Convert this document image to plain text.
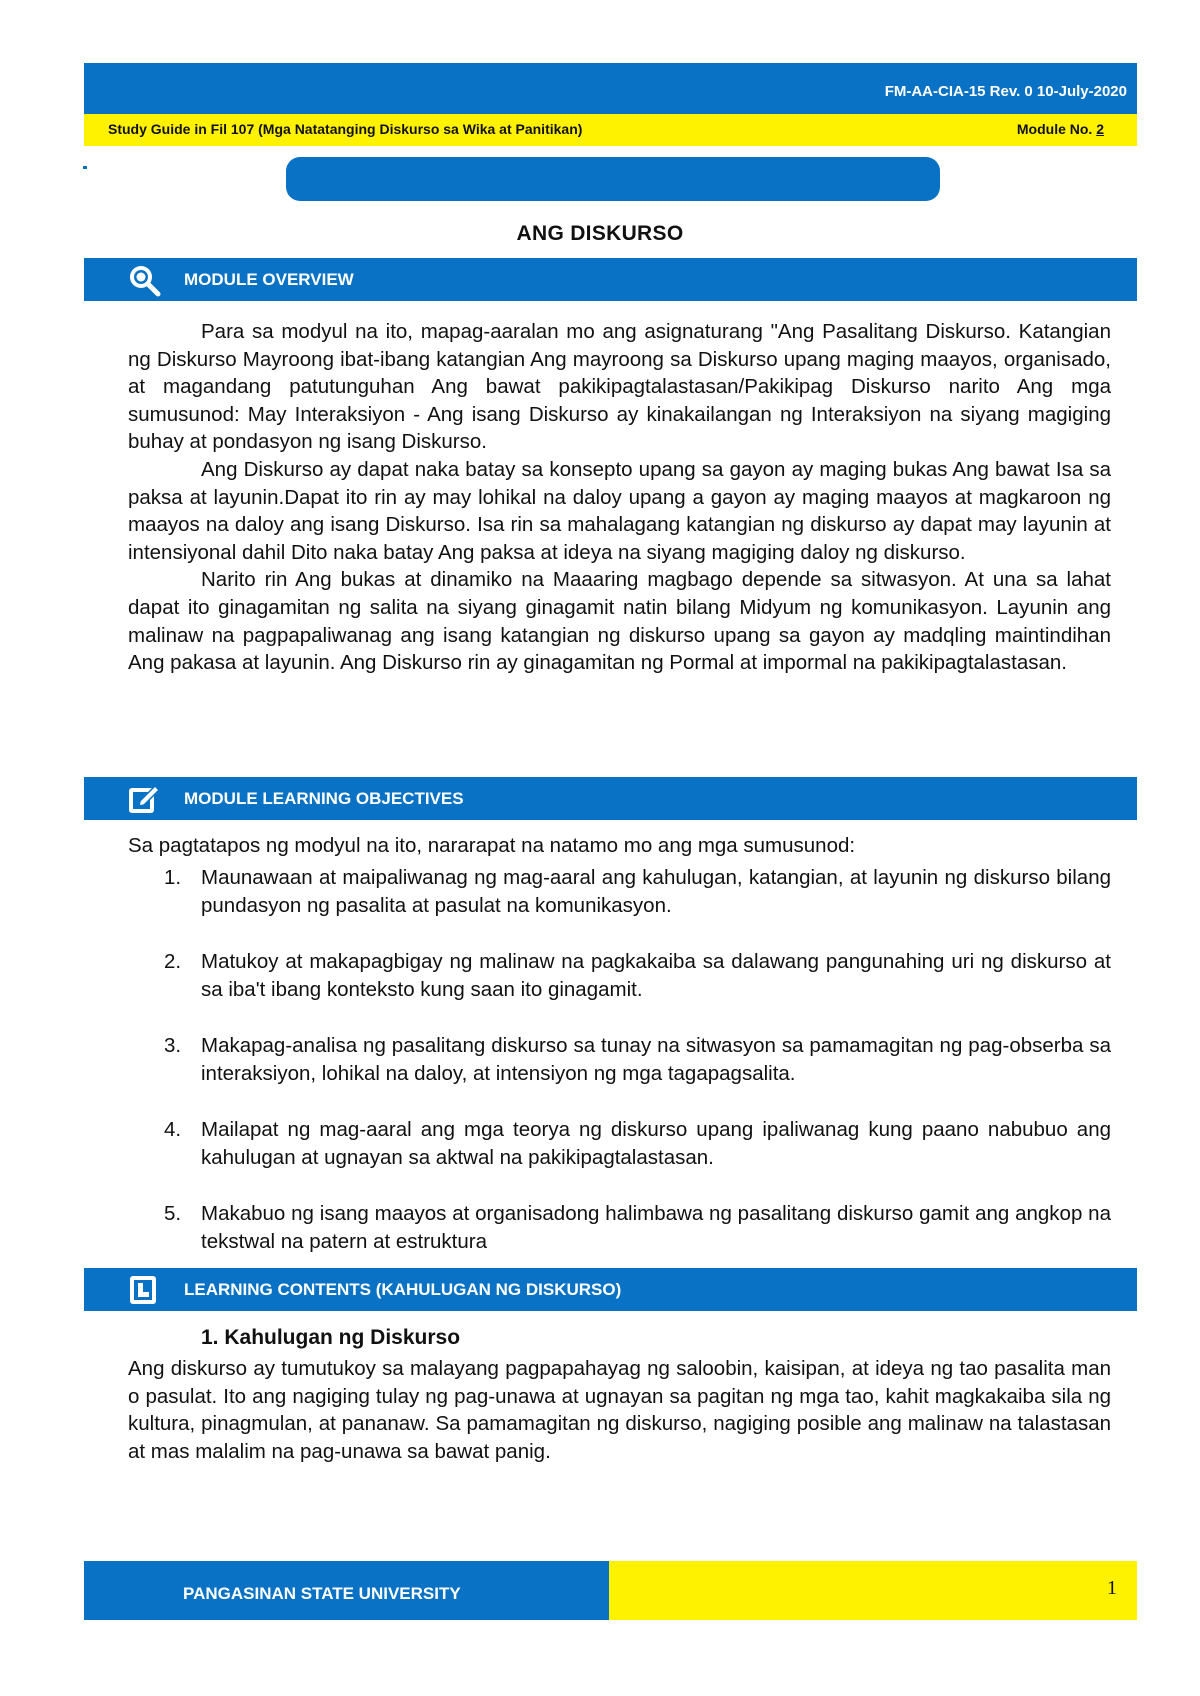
FM-AA-CIA-15 Rev. 0 10-July-2020
Study Guide in Fil 107 (Mga Natatanging Diskurso sa Wika at Panitikan)	Module No. 2
ANG DISKURSO
MODULE OVERVIEW

Para sa modyul na ito, mapag-aaralan mo ang asignaturang "Ang Pasalitang Diskurso. Katangian ng Diskurso Mayroong ibat-ibang katangian Ang mayroong sa Diskurso upang maging maayos, organisado, at magandang patutunguhan Ang bawat pakikipagtalastasan/Pakikipag Diskurso narito Ang mga sumusunod: May Interaksiyon - Ang isang Diskurso ay kinakailangan ng Interaksiyon na siyang magiging buhay at pondasyon ng isang Diskurso.

Ang Diskurso ay dapat naka batay sa konsepto upang sa gayon ay maging bukas Ang bawat Isa sa paksa at layunin.Dapat ito rin ay may lohikal na daloy upang a gayon ay maging maayos at magkaroon ng maayos na daloy ang isang Diskurso. Isa rin sa mahalagang katangian ng diskurso ay dapat may layunin at intensiyonal dahil Dito naka batay Ang paksa at ideya na siyang magiging daloy ng diskurso.

Narito rin Ang bukas at dinamiko na Maaaring magbago depende sa sitwasyon. At una sa lahat dapat ito ginagamitan ng salita na siyang ginagamit natin bilang Midyum ng komunikasyon. Layunin ang malinaw na pagpapaliwanag ang isang katangian ng diskurso upang sa gayon ay madqling maintindihan Ang pakasa at layunin. Ang Diskurso rin ay ginagamitan ng Pormal at impormal na pakikipagtalastasan.

MODULE LEARNING OBJECTIVES
Sa pagtatapos ng modyul na ito, nararapat na natamo mo ang mga sumusunod:
1. Maunawaan at maipaliwanag ng mag-aaral ang kahulugan, katangian, at layunin ng diskurso bilang pundasyon ng pasalita at pasulat na komunikasyon.
2. Matukoy at makapagbigay ng malinaw na pagkakaiba sa dalawang pangunahing uri ng diskurso at sa iba't ibang konteksto kung saan ito ginagamit.
3. Makapag-analisa ng pasalitang diskurso sa tunay na sitwasyon sa pamamagitan ng pag-obserba sa interaksiyon, lohikal na daloy, at intensiyon ng mga tagapagsalita.
4. Mailapat ng mag-aaral ang mga teorya ng diskurso upang ipaliwanag kung paano nabubuo ang kahulugan at ugnayan sa aktwal na pakikipagtalastasan.
5. Makabuo ng isang maayos at organisadong halimbawa ng pasalitang diskurso gamit ang angkop na tekstwal na patern at estruktura
LEARNING CONTENTS (KAHULUGAN NG DISKURSO)
1. Kahulugan ng Diskurso

Ang diskurso ay tumutukoy sa malayang pagpapahayag ng saloobin, kaisipan, at ideya ng tao pasalita man o pasulat. Ito ang nagiging tulay ng pag-unawa at ugnayan sa pagitan ng mga tao, kahit magkakaiba sila ng kultura, pinagmulan, at pananaw. Sa pamamagitan ng diskurso, nagiging posible ang malinaw na talastasan at mas malalim na pag-unawa sa bawat panig.

PANGASINAN STATE UNIVERSITY	1
